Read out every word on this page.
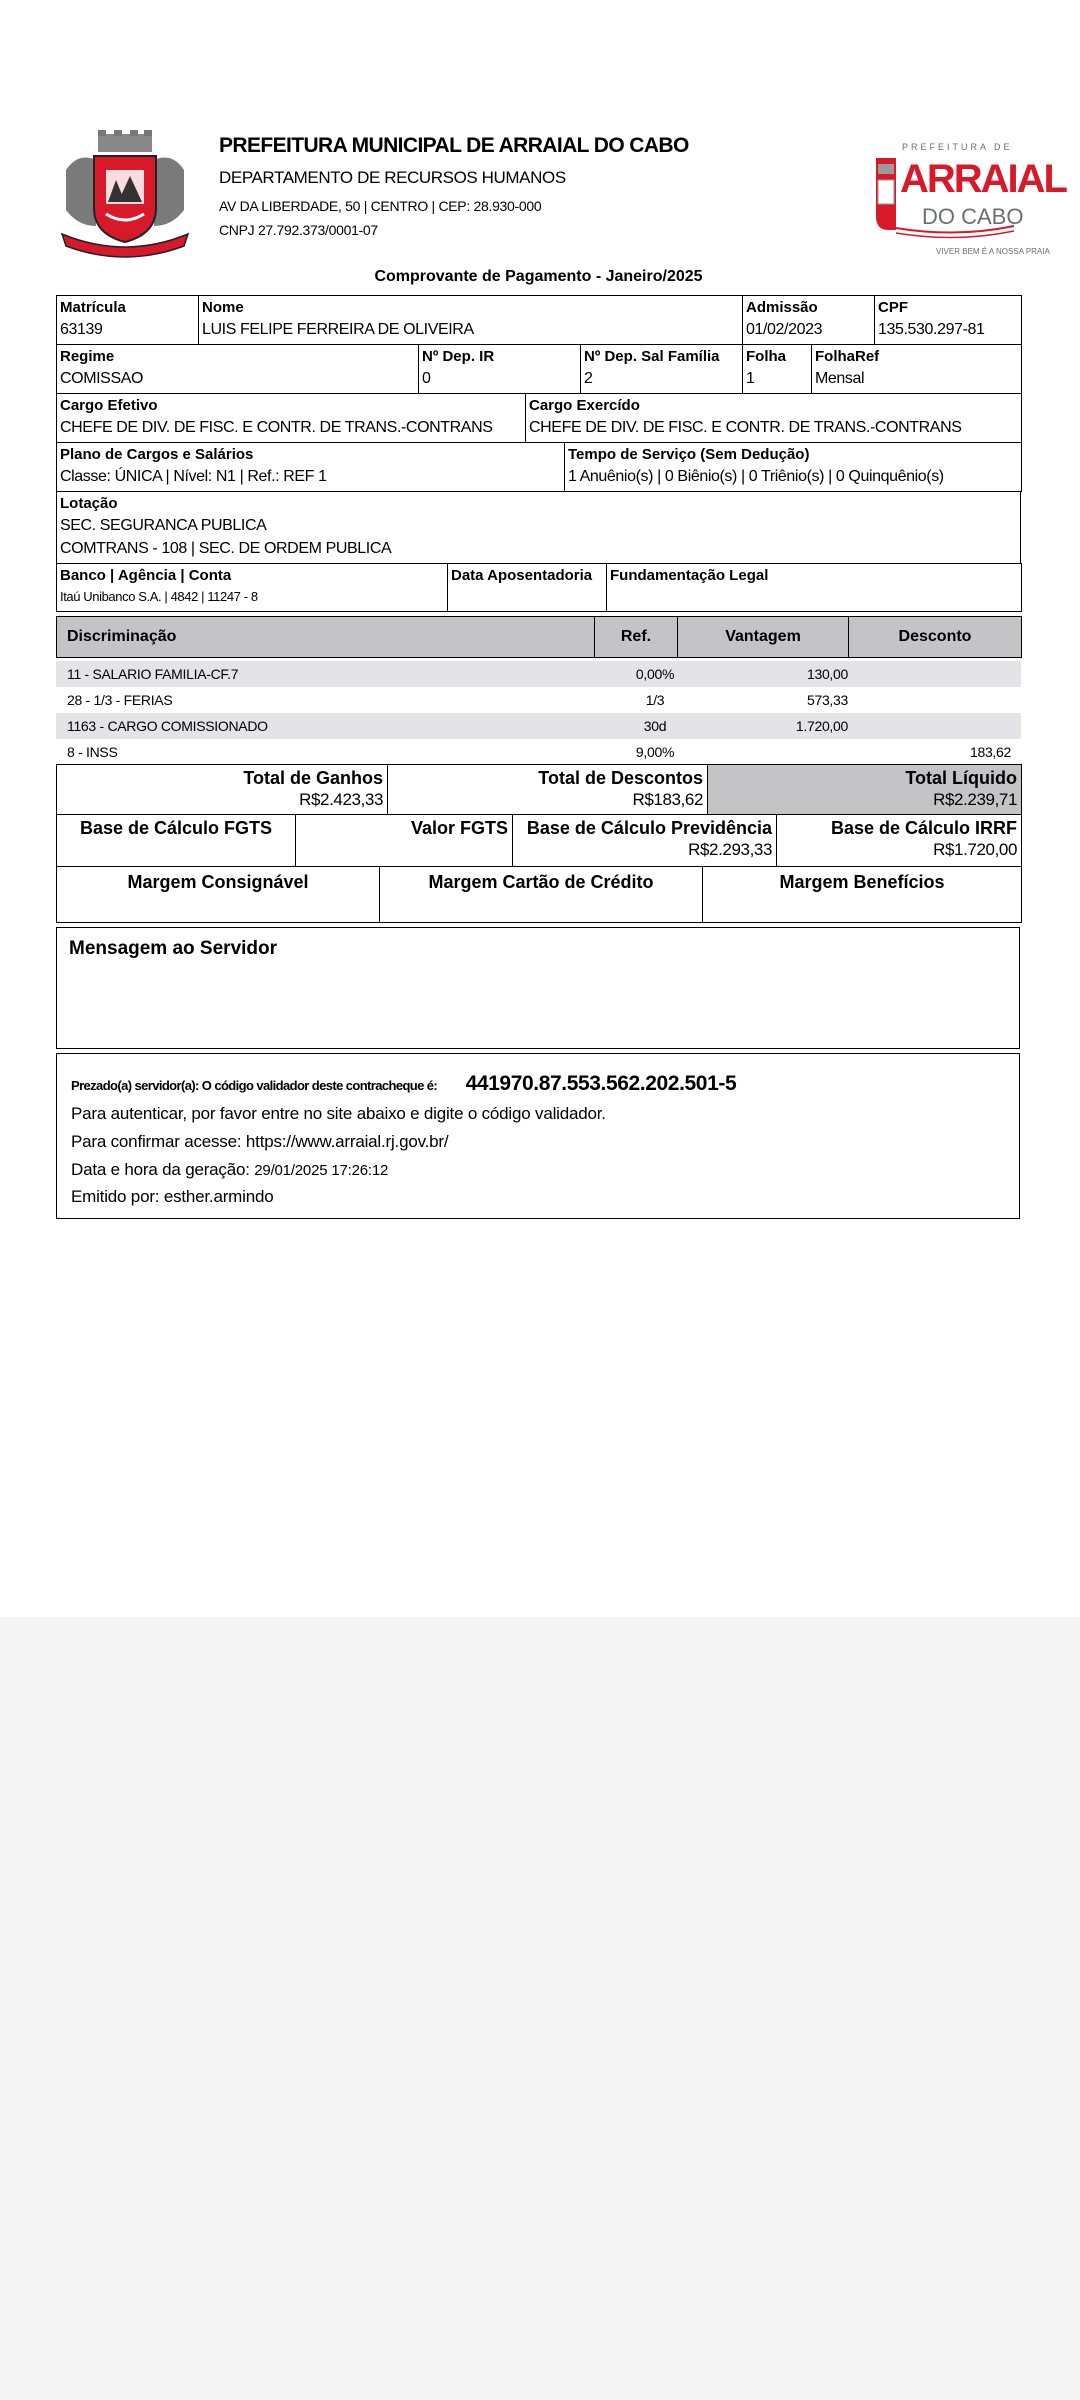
PREFEITURA MUNICIPAL DE ARRAIAL DO CABO
DEPARTAMENTO DE RECURSOS HUMANOS
AV DA LIBERDADE, 50 | CENTRO | CEP: 28.930-000
CNPJ 27.792.373/0001-07
PREFEITURA DE
ARRAIAL
DO CABO
VIVER BEM É A NOSSA PRAIA
Comprovante de Pagamento - Janeiro/2025
Matrícula
63139

Nome
LUIS FELIPE FERREIRA DE OLIVEIRA

Admissão
01/02/2023

CPF
135.530.297-81
Regime
COMISSAO

Nº Dep. IR
0

Nº Dep. Sal Família
2

Folha
1

FolhaRef
Mensal
Cargo Efetivo
CHEFE DE DIV. DE FISC. E CONTR. DE TRANS.-CONTRANS

Cargo Exercído
CHEFE DE DIV. DE FISC. E CONTR. DE TRANS.-CONTRANS
Plano de Cargos e Salários
Classe: ÚNICA | Nível: N1 | Ref.: REF 1

Tempo de Serviço (Sem Dedução)
1 Anuênio(s) | 0 Biênio(s) | 0 Triênio(s) | 0 Quinquênio(s)
Lotação
SEC. SEGURANCA PUBLICA
COMTRANS - 108 | SEC. DE ORDEM PUBLICA
Banco | Agência | Conta
Itaú Unibanco S.A. | 4842 | 11247 - 8

Data Aposentadoria	Fundamentação Legal
Discriminação	Ref.	Vantagem	Desconto
11 - SALARIO FAMILIA-CF.7	0,00%	130,00	
28 - 1/3 - FERIAS	1/3	573,33	
1163 - CARGO COMISSIONADO	30d	1.720,00	
8 - INSS	9,00%		183,62
Total de Ganhos
R$2.423,33

Total de Descontos
R$183,62

Total Líquido
R$2.239,71
Base de Cálculo FGTS	Valor FGTS	Base de Cálculo Previdência
R$2.293,33

Base de Cálculo IRRF
R$1.720,00
Margem Consignável	Margem Cartão de Crédito	Margem Benefícios
Mensagem ao Servidor
Prezado(a) servidor(a): O código validador deste contracheque é: 441970.87.553.562.202.501-5
Para autenticar, por favor entre no site abaixo e digite o código validador.
Para confirmar acesse: https://www.arraial.rj.gov.br/
Data e hora da geração: 29/01/2025 17:26:12
Emitido por: esther.armindo
